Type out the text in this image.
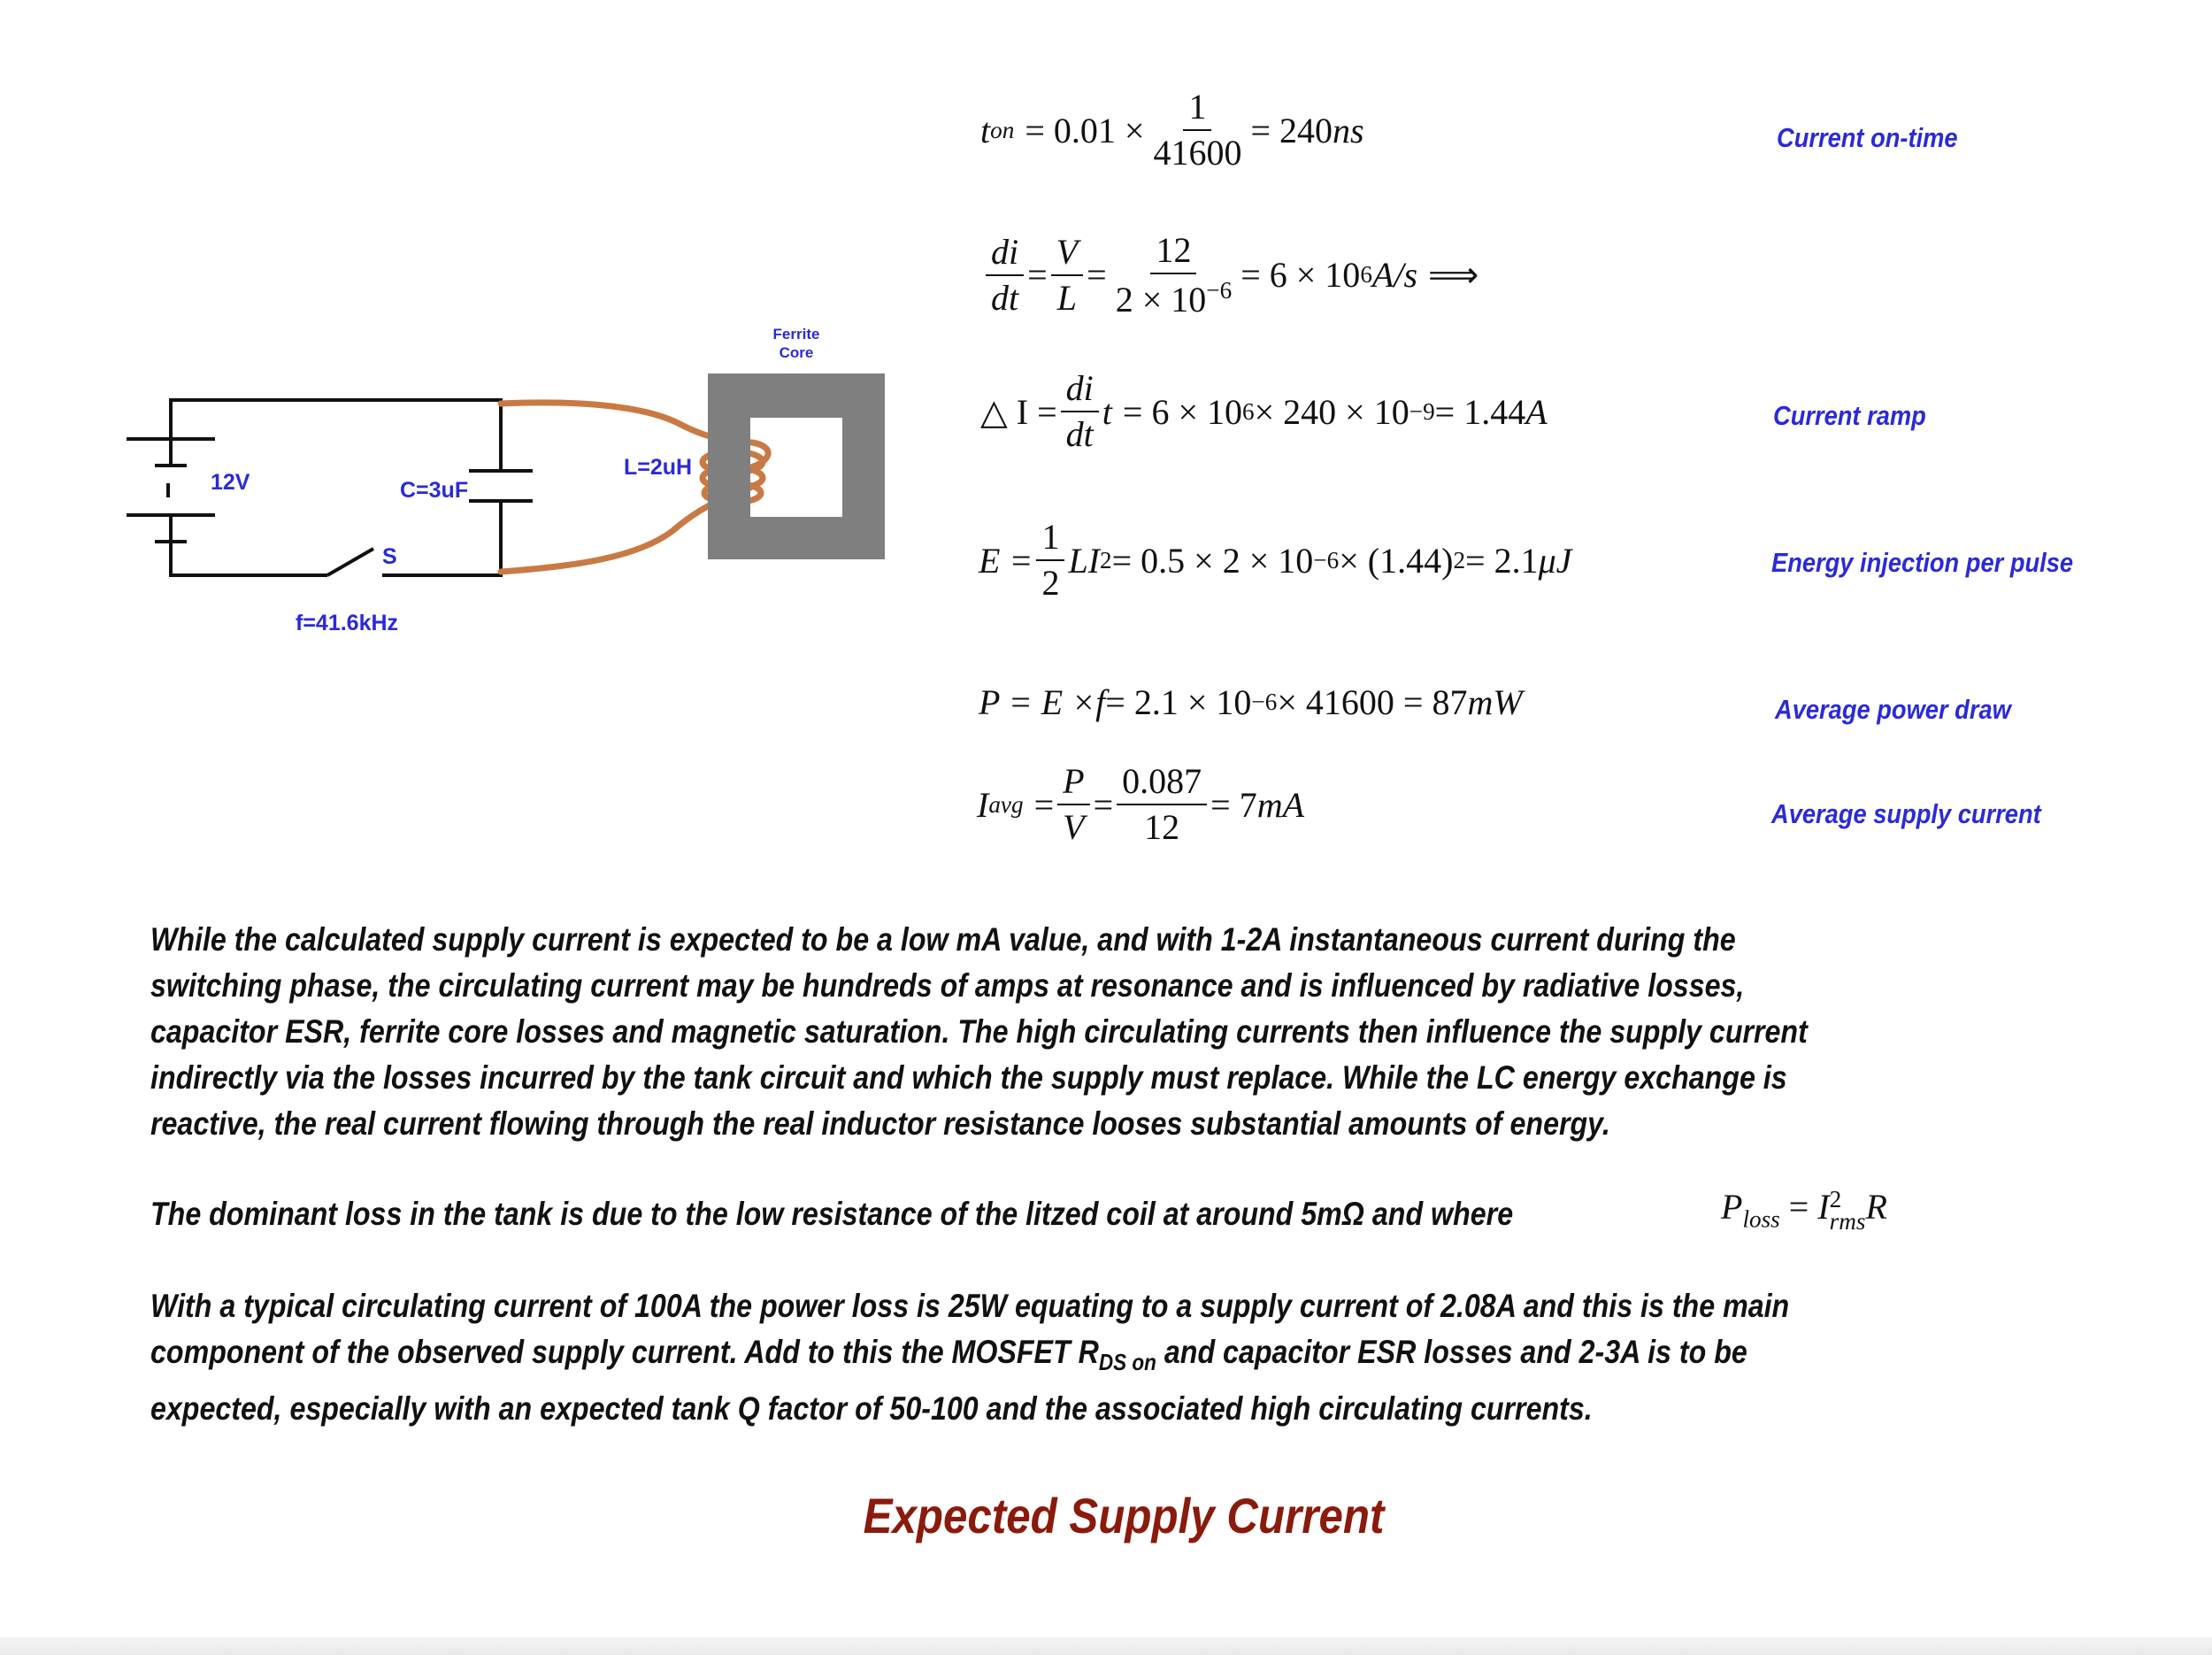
12V	C=3uF
S
L=2uH
f=41.6kHz
Ferrite
Core
t on = $0.01 \times \frac{1}{41600} = 240$ ns
$\frac{di}{dt} = \frac{V}{L} = \frac{12}{2 \times 10^{-6}} = 6 \times 10$ 6 A/s ⟹
△ $I = \frac{di}{dt}$ t = 6 × 10 6 × 240 × 10 −9 = 1.44 A
$E = \frac{1}{2}$ LI 2 = 0.5 × 2 × 10 −6 × (1.44) 2 = 2.1 μJ
P = E × f = 2.1 × 10 −6 × 41600 = 87 mW
I avg = $\frac{P}{V} = \frac{0.087}{12} = 7$ mA
Current on-time
Current ramp
Energy injection per pulse
Average power draw
Average supply current

While the calculated supply current is expected to be a low mA value, and with 1-2A instantaneous current during the switching phase, the circulating current may be hundreds of amps at resonance and is influenced by radiative losses, capacitor ESR, ferrite core losses and magnetic saturation. The high circulating currents then influence the supply current indirectly via the losses incurred by the tank circuit and which the supply must replace. While the LC energy exchange is reactive, the real current flowing through the real inductor resistance looses substantial amounts of energy.

The dominant loss in the tank is due to the low resistance of the litzed coil at around 5mΩ and where	$P_{loss} = I$ 2
rms R

With a typical circulating current of 100A the power loss is 25W equating to a supply current of 2.08A and this is the main component of the observed supply current. Add to this the MOSFET $R_{DS on}$ and capacitor ESR losses and 2-3A is to be expected, especially with an expected tank Q factor of 50-100 and the associated high circulating currents.

Expected Supply Current
